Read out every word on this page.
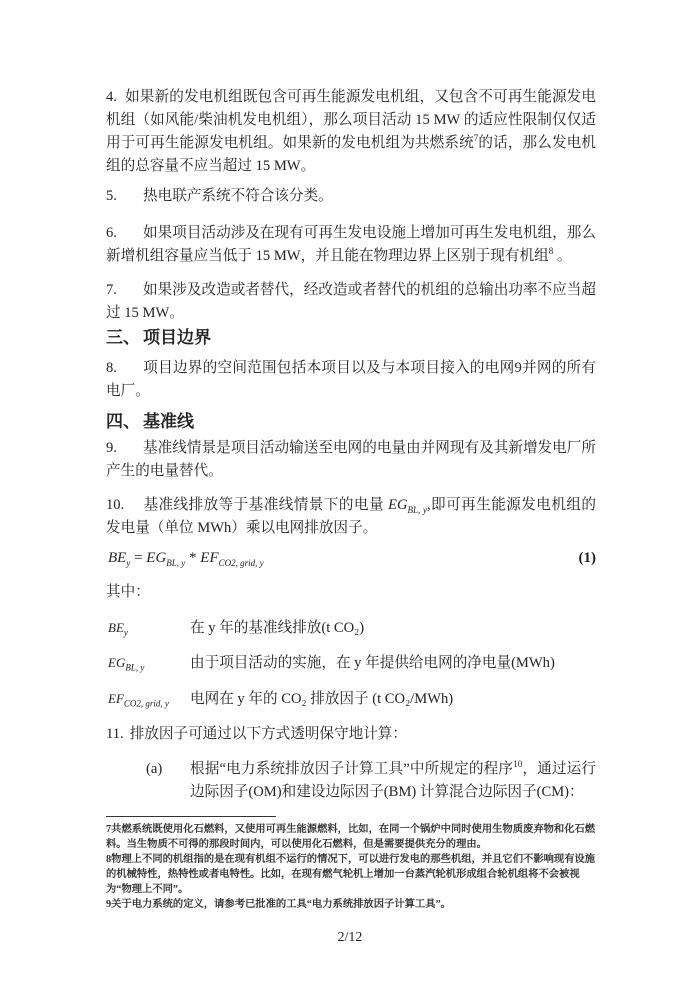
4. 如果新的发电机组既包含可再生能源发电机组，又包含不可再生能源发电机组（如风能/柴油机发电机组），那么项目活动 15 MW 的适应性限制仅仅适用于可再生能源发电机组。如果新的发电机组为共燃系统$^7$的话，那么发电机组的总容量不应当超过 15 MW。
5. 热电联产系统不符合该分类。
6. 如果项目活动涉及在现有可再生发电设施上增加可再生发电机组，那么新增机组容量应当低于 15 MW，并且能在物理边界上区别于现有机组$^8$ 。
7. 如果涉及改造或者替代，经改造或者替代的机组的总输出功率不应当超过 15 MW。
三、 项目边界
8. 项目边界的空间范围包括本项目以及与本项目接入的电网9并网的所有电厂。
四、 基准线
9. 基准线情景是项目活动输送至电网的电量由并网现有及其新增发电厂所产生的电量替代。
10. 基准线排放等于基准线情景下的电量 $EG_{BL, y}$,即可再生能源发电机组的发电量（单位 MWh）乘以电网排放因子。
$BE_y = EG_{BL, y} * EF_{CO2, grid, y}$	(1)
其中：
$BE_y$	在 y 年的基准线排放(t CO₂)
$EG_{BL, y}$	由于项目活动的实施，在 y 年提供给电网的净电量(MWh)
$EF_{CO2, grid, y}$ 电网在 y 年的 CO₂ 排放因子 (t CO₂/MWh)
11. 排放因子可通过以下方式透明保守地计算：
(a) 根据“电力系统排放因子计算工具”中所规定的程序$^{10}$，通过运行边际因子(OM)和建设边际因子(BM) 计算混合边际因子(CM)：
7共燃系统既使用化石燃料，又使用可再生能源燃料，比如，在同一个锅炉中同时使用生物质废弃物和化石燃料。当生物质不可得的那段时间内，可以使用化石燃料，但是需要提供充分的理由。
8物理上不同的机组指的是在现有机组不运行的情况下，可以进行发电的那些机组，并且它们不影响现有设施的机械特性，热特性或者电特性。比如，在现有燃气轮机上增加一台蒸汽轮机形成组合轮机组将不会被视为“物理上不同”。
9关于电力系统的定义，请参考已批准的工具“电力系统排放因子计算工具”。
2/12
